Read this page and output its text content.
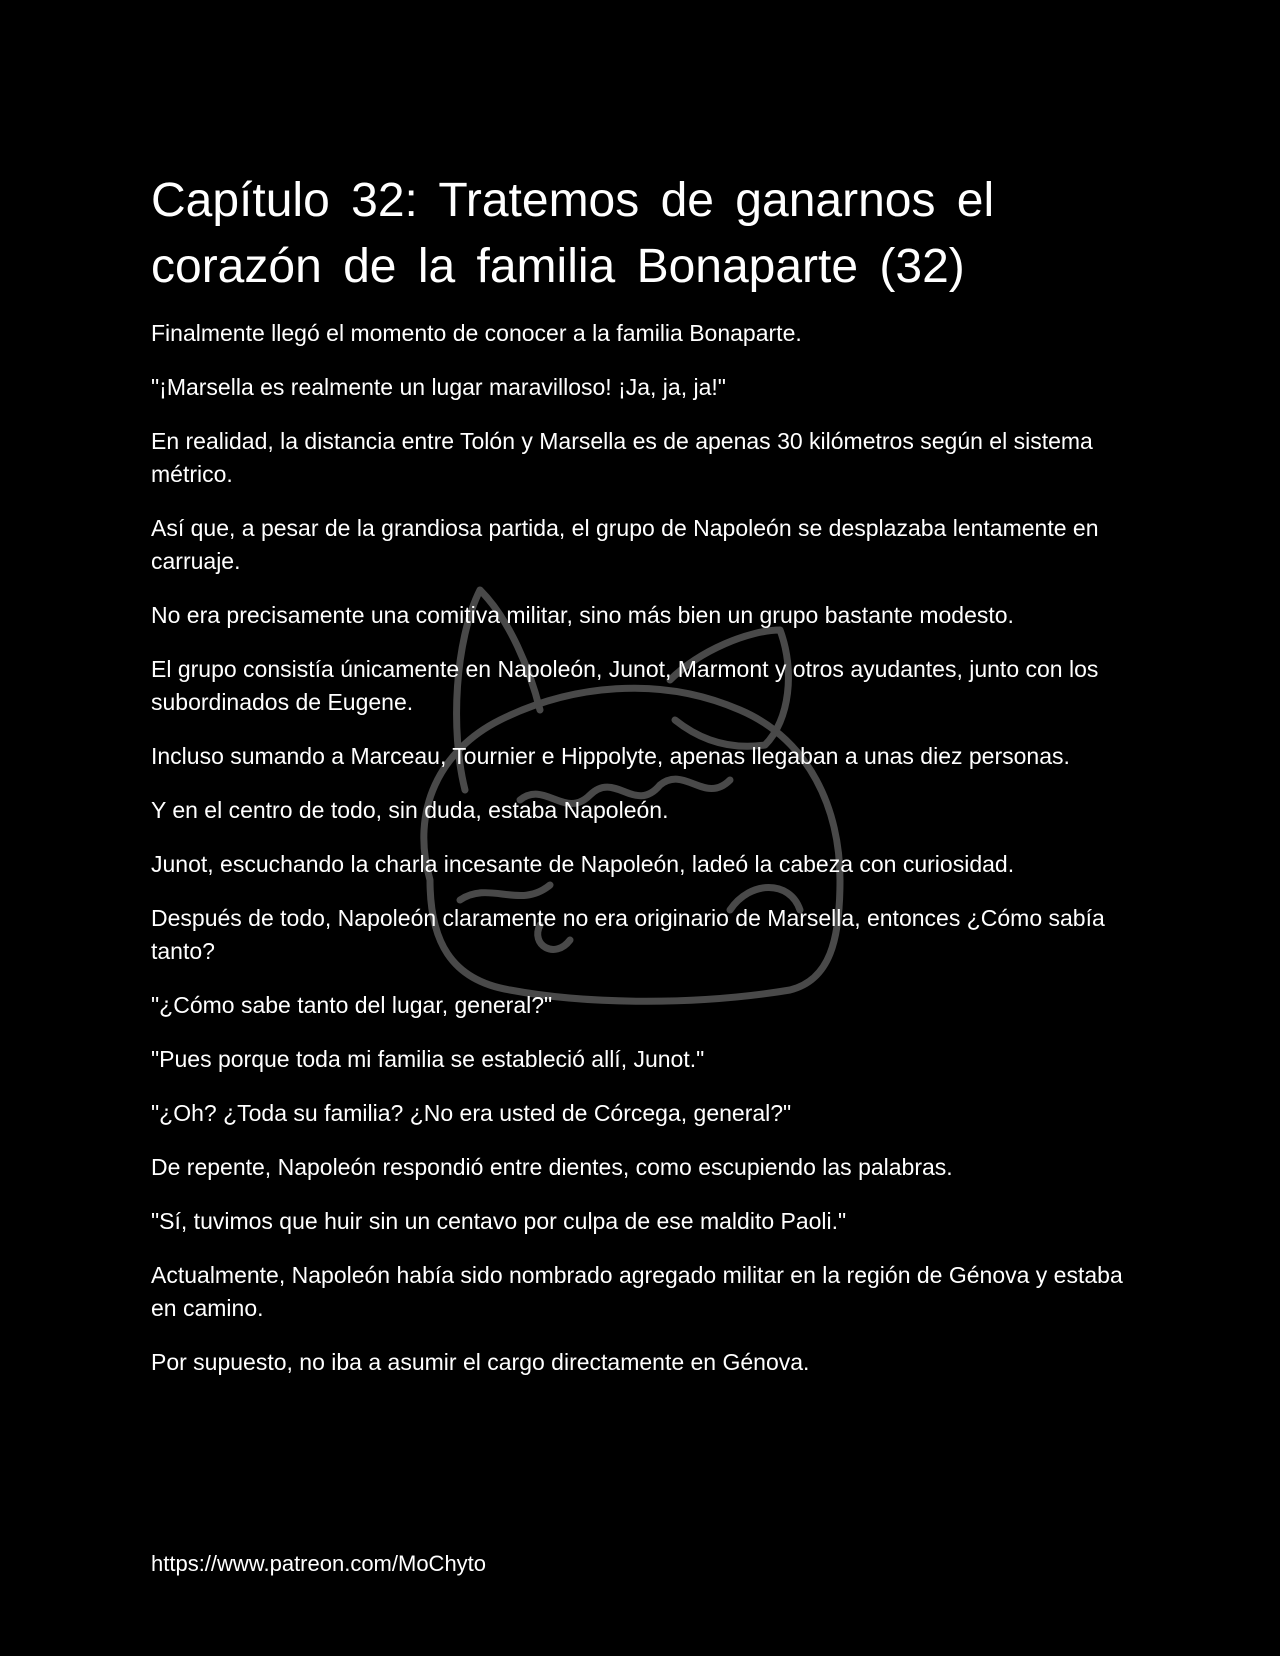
Capítulo 32: Tratemos de ganarnos el corazón de la familia Bonaparte (32)

Finalmente llegó el momento de conocer a la familia Bonaparte.

"¡Marsella es realmente un lugar maravilloso! ¡Ja, ja, ja!"

En realidad, la distancia entre Tolón y Marsella es de apenas 30 kilómetros según el sistema métrico.

Así que, a pesar de la grandiosa partida, el grupo de Napoleón se desplazaba lentamente en carruaje.

No era precisamente una comitiva militar, sino más bien un grupo bastante modesto.

El grupo consistía únicamente en Napoleón, Junot, Marmont y otros ayudantes, junto con los subordinados de Eugene.

Incluso sumando a Marceau, Tournier e Hippolyte, apenas llegaban a unas diez personas.

Y en el centro de todo, sin duda, estaba Napoleón.

Junot, escuchando la charla incesante de Napoleón, ladeó la cabeza con curiosidad.

Después de todo, Napoleón claramente no era originario de Marsella, entonces ¿Cómo sabía tanto?

"¿Cómo sabe tanto del lugar, general?"

"Pues porque toda mi familia se estableció allí, Junot."

"¿Oh? ¿Toda su familia? ¿No era usted de Córcega, general?"

De repente, Napoleón respondió entre dientes, como escupiendo las palabras.

"Sí, tuvimos que huir sin un centavo por culpa de ese maldito Paoli."

Actualmente, Napoleón había sido nombrado agregado militar en la región de Génova y estaba en camino.

Por supuesto, no iba a asumir el cargo directamente en Génova.

https://www.patreon.com/MoChyto
